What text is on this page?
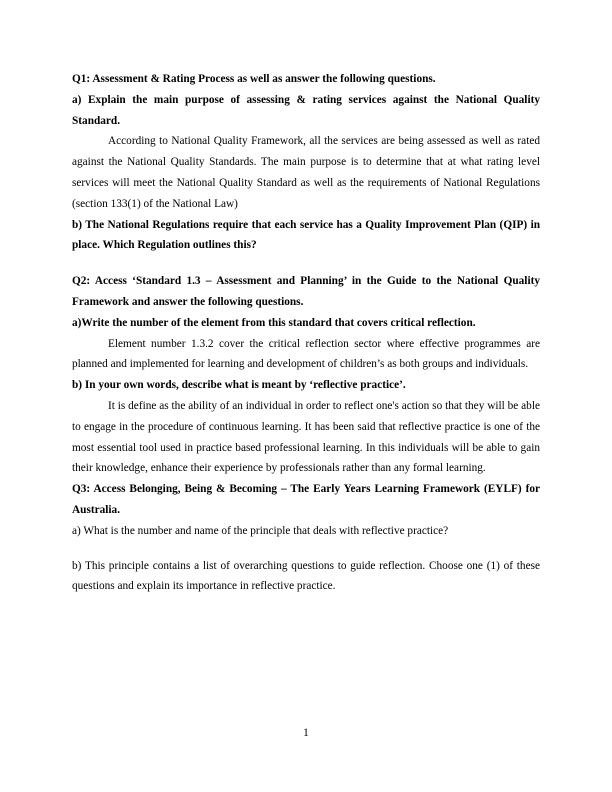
Q1: Assessment & Rating Process as well as answer the following questions.

a) Explain the main purpose of assessing & rating services against the National Quality Standard.

According to National Quality Framework, all the services are being assessed as well as rated against the National Quality Standards. The main purpose is to determine that at what rating level services will meet the National Quality Standard as well as the requirements of National Regulations (section 133(1) of the National Law)

b) The National Regulations require that each service has a Quality Improvement Plan (QIP) in place. Which Regulation outlines this?

Q2: Access ‘Standard 1.3 – Assessment and Planning’ in the Guide to the National Quality Framework and answer the following questions.

a)Write the number of the element from this standard that covers critical reflection.

Element number 1.3.2 cover the critical reflection sector where effective programmes are planned and implemented for learning and development of children’s as both groups and individuals.

b) In your own words, describe what is meant by ‘reflective practice’.

It is define as the ability of an individual in order to reflect one's action so that they will be able to engage in the procedure of continuous learning. It has been said that reflective practice is one of the most essential tool used in practice based professional learning. In this individuals will be able to gain their knowledge, enhance their experience by professionals rather than any formal learning.

Q3: Access Belonging, Being & Becoming – The Early Years Learning Framework (EYLF) for Australia.

a) What is the number and name of the principle that deals with reflective practice?

b) This principle contains a list of overarching questions to guide reflection. Choose one (1) of these questions and explain its importance in reflective practice.

1
